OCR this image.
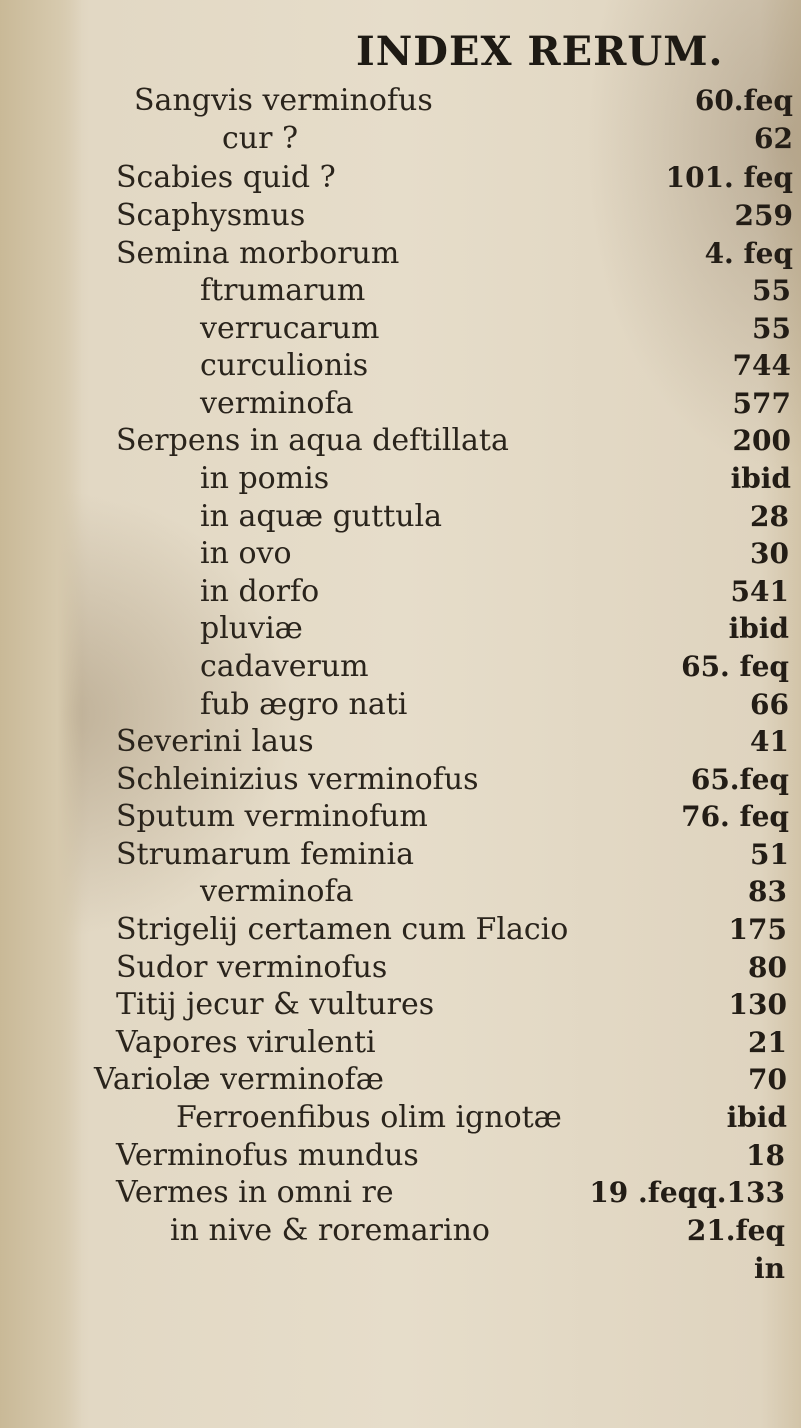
INDEX RERUM.
Sangvis verminofus
cur ?
Scabies quid ?
Scaphysmus
Semina morborum
ftrumarum
verrucarum
curculionis
verminofa
Serpens in aqua deftillata
in pomis
in aquæ guttula
in ovo
in dorfo
pluviæ
cadaverum
fub ægro nati
Severini laus
Schleinizius verminofus
Sputum verminofum
Strumarum feminia
verminofa
Strigelij certamen cum Flacio
Sudor verminofus
Titij jecur & vultures
Vapores virulenti
Variolæ verminofæ
Ferroenfibus olim ignotæ
Verminofus mundus
Vermes in omni re
in nive & roremarino
60.feq
62
101. feq
259
4. feq
55
55
744
577
200
ibid
28
30
541
ibid
65. feq
66
41
65.feq
76. feq
51
83
175
80
130
21
70
ibid
18
19 .feqq.133
21.feq
in
